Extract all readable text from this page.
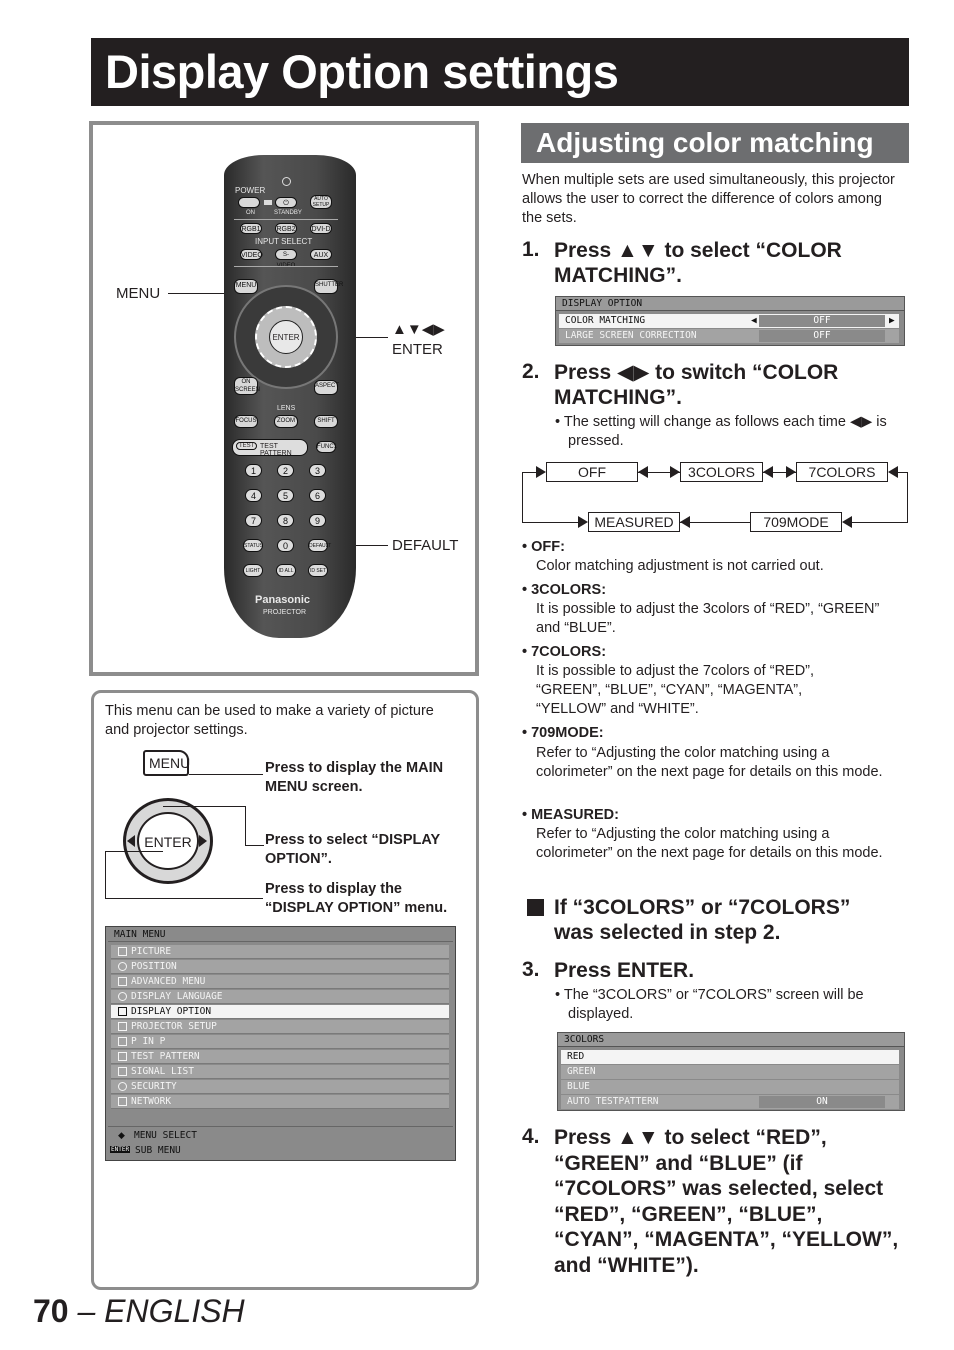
Display Option settings
MENU
▲▼◀▶
ENTER
DEFAULT
POWER
⏻
AUTO SETUP
ON	STANDBY
RGB1 RGB2 DVI-D
INPUT SELECT
VIDEO	S-	AUX
MENU	SHUTTER
ENTER
ON SCREEN
ASPECT
LENS
FOCUS	ZOOM	SHIFT
TEST TEST PATTERN
FUNC1
1	2	3
4	5	6
7	8	9
STATUS	0	DEFAULT
LIGHT	ID ALL	ID SET
Panasonic
PROJECTOR
This menu can be used to make a variety of picture and projector settings.
MENU	Press to display the MAIN MENU screen.
ENTER	Press to select “DISPLAY OPTION”.
Press to display the “DISPLAY OPTION” menu.
MAIN MENU
PICTURE
POSITION
ADVANCED MENU
DISPLAY LANGUAGE
DISPLAY OPTION
PROJECTOR SETUP
P IN P
TEST PATTERN
SIGNAL LIST
SECURITY
NETWORK
◆ MENU SELECT
ENTER SUB MENU
Adjusting color matching
When multiple sets are used simultaneously, this projector allows the user to correct the difference of colors among the sets.
1. Press ▲▼ to select “COLOR MATCHING”.
DISPLAY OPTION
COLOR MATCHING	◀	OFF	▶
LARGE SCREEN CORRECTION	OFF
2. Press ◀▶ to switch “COLOR MATCHING”.
• The setting will change as follows each time ◀▶ is pressed.
OFF	3COLORS	7COLORS
MEASURED	709MODE
• OFF:
Color matching adjustment is not carried out.
• 3COLORS:
It is possible to adjust the 3colors of “RED”, “GREEN” and “BLUE”.
• 7COLORS:
It is possible to adjust the 7colors of “RED”, “GREEN”, “BLUE”, “CYAN”, “MAGENTA”, “YELLOW” and “WHITE”.
• 709MODE:
Refer to “Adjusting the color matching using a colorimeter” on the next page for details on this mode.
• MEASURED:
Refer to “Adjusting the color matching using a colorimeter” on the next page for details on this mode.
If “3COLORS” or “7COLORS” was selected in step 2.
3. Press ENTER.
• The “3COLORS” or “7COLORS” screen will be displayed.
3COLORS
RED
GREEN
BLUE
AUTO TESTPATTERN	ON
4. Press ▲▼ to select “RED”, “GREEN” and “BLUE” (if “7COLORS” was selected, select “RED”, “GREEN”, “BLUE”, “CYAN”, “MAGENTA”, “YELLOW”, and “WHITE”).
70 – ENGLISH
